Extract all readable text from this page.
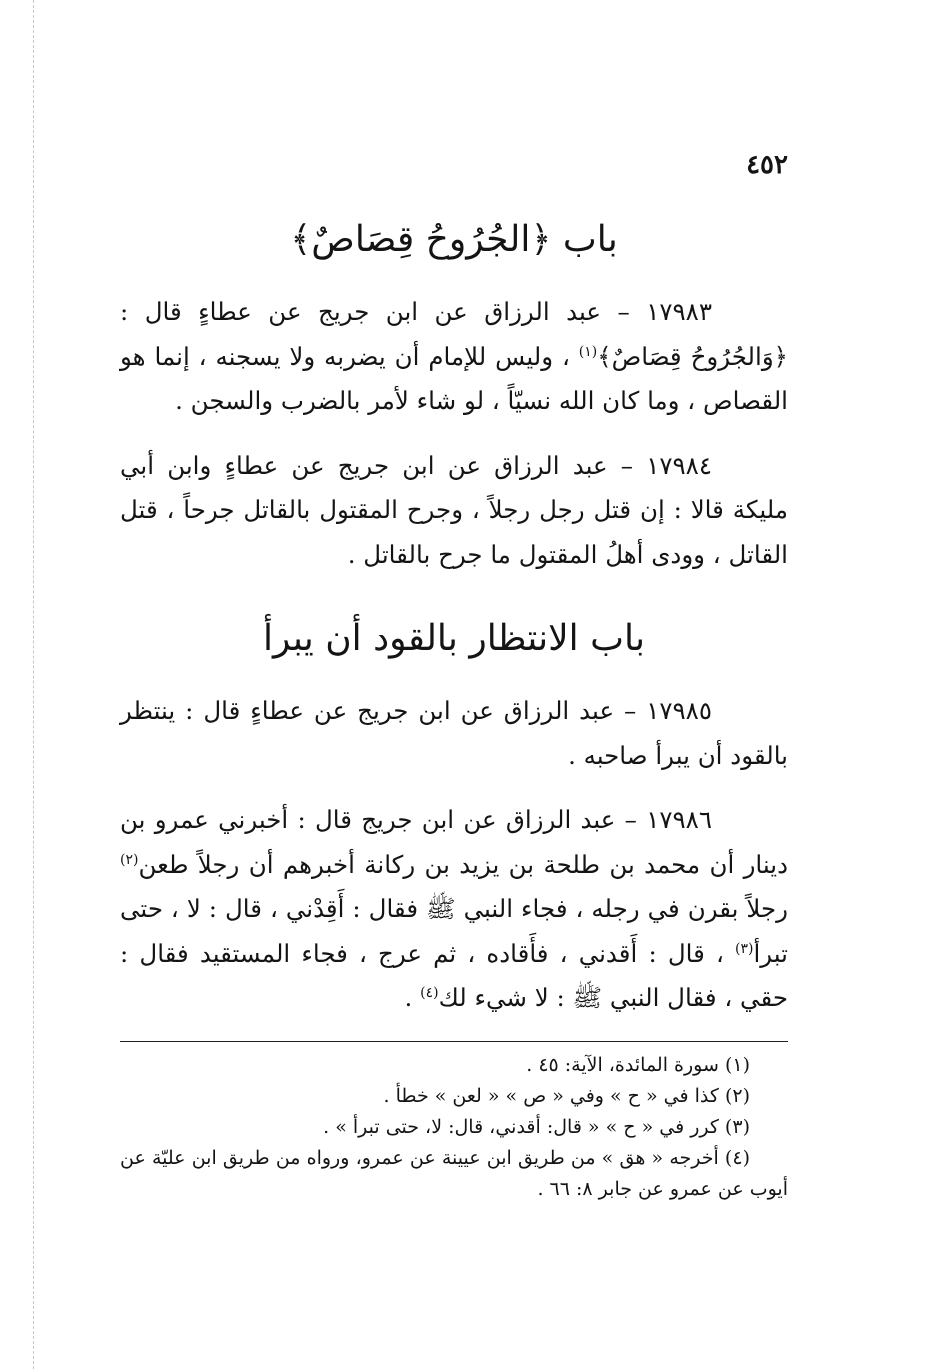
٤٥٢
باب ﴿الجُرُوحُ قِصَاصٌ﴾

١٧٩٨٣ – عبد الرزاق عن ابن جريج عن عطاءٍ قال : ﴿وَالجُرُوحُ قِصَاصٌ﴾$^{(١)}$ ، وليس للإمام أن يضربه ولا يسجنه ، إنما هو القصاص ، وما كان الله نسيّاً ، لو شاء لأمر بالضرب والسجن .

١٧٩٨٤ – عبد الرزاق عن ابن جريج عن عطاءٍ وابن أبي مليكة قالا : إن قتل رجل رجلاً ، وجرح المقتول بالقاتل جرحاً ، قتل القاتل ، وودى أهلُ المقتول ما جرح بالقاتل .

باب الانتظار بالقود أن يبرأ

١٧٩٨٥ – عبد الرزاق عن ابن جريج عن عطاءٍ قال : ينتظر بالقود أن يبرأ صاحبه .

١٧٩٨٦ – عبد الرزاق عن ابن جريج قال : أخبرني عمرو بن دينار أن محمد بن طلحة بن يزيد بن ركانة أخبرهم أن رجلاً طعن$^{(٢)}$ رجلاً بقرن في رجله ، فجاء النبي ﷺ فقال : أَقِدْني ، قال : لا ، حتى تبرأ$^{(٣)}$ ، قال : أَقدني ، فأَقاده ، ثم عرج ، فجاء المستقيد فقال : حقي ، فقال النبي ﷺ : لا شيء لك$^{(٤)}$ .

(١) سورة المائدة، الآية: ٤٥ .

(٢) كذا في « ح » وفي « ص » « لعن » خطأ .

(٣) كرر في « ح » « قال: أقدني، قال: لا، حتى تبرأ » .

(٤) أخرجه « هق » من طريق ابن عيينة عن عمرو، ورواه من طريق ابن عليّة عن أيوب عن عمرو عن جابر ٨: ٦٦ .
